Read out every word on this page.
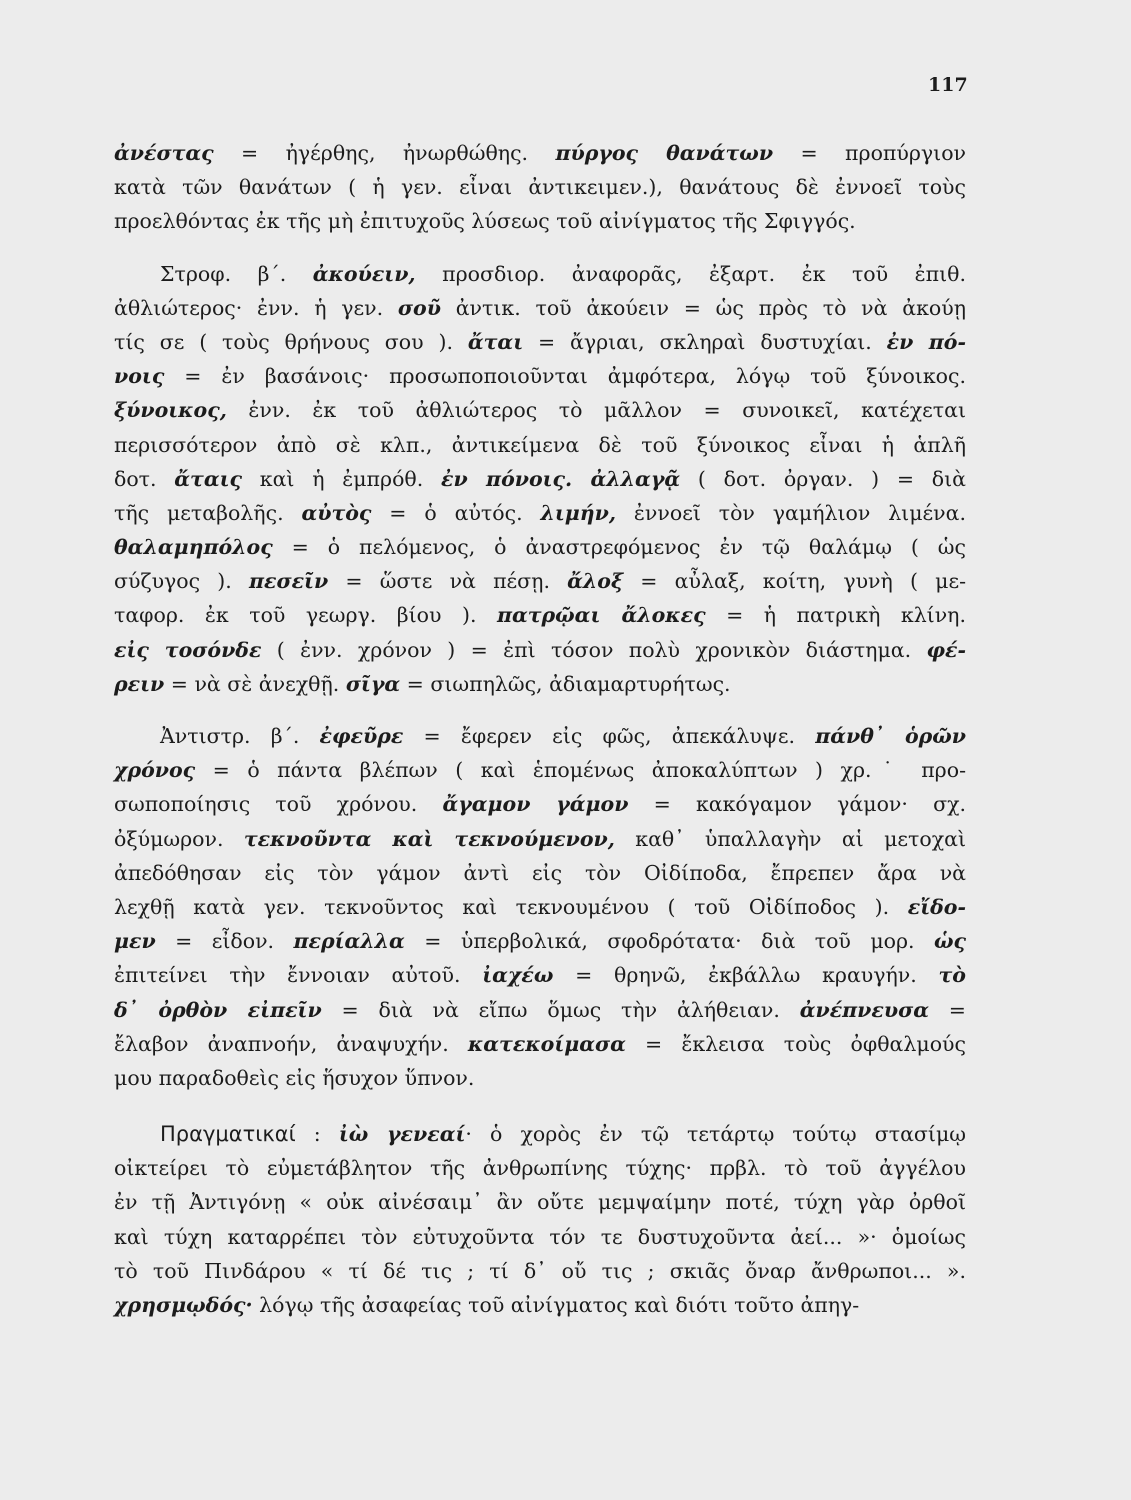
117
ἀνέστας = ἠγέρθης, ἠνωρθώθης. πύργος θανάτων = προπύργιον
κατὰ τῶν θανάτων ( ἡ γεν. εἶναι ἀντικειμεν.), θανάτους δὲ ἐννοεῖ τοὺς
προελθόντας ἐκ τῆς μὴ ἐπιτυχοῦς λύσεως τοῦ αἰνίγματος τῆς Σφιγγός.
Στροφ. β΄. ἀκούειν, προσδιορ. ἀναφορᾶς, ἐξαρτ. ἐκ τοῦ ἐπιθ.
ἀθλιώτερος· ἐνν. ἡ γεν. σοῦ ἀντικ. τοῦ ἀκούειν = ὡς πρὸς τὸ νὰ ἀκούῃ
τίς σε ( τοὺς θρήνους σου ). ἄται = ἄγριαι, σκληραὶ δυστυχίαι. ἐν πό-
νοις = ἐν βασάνοις· προσωποποιοῦνται ἀμφότερα, λόγῳ τοῦ ξύνοικος.
ξύνοικος, ἐνν. ἐκ τοῦ ἀθλιώτερος τὸ μᾶλλον = συνοικεῖ, κατέχεται
περισσότερον ἀπὸ σὲ κλπ., ἀντικείμενα δὲ τοῦ ξύνοικος εἶναι ἡ ἁπλῆ
δοτ. ἄταις καὶ ἡ ἐμπρόθ. ἐν πόνοις. ἀλλαγᾷ ( δοτ. ὀργαν. ) = διὰ
τῆς μεταβολῆς. αὐτὸς = ὁ αὐτός. λιμήν, ἐννοεῖ τὸν γαμήλιον λιμένα.
θαλαμηπόλος = ὁ πελόμενος, ὁ ἀναστρεφόμενος ἐν τῷ θαλάμῳ ( ὡς
σύζυγος ). πεσεῖν = ὥστε νὰ πέσῃ. ἄλοξ = αὖλαξ, κοίτη, γυνὴ ( με-
ταφορ. ἐκ τοῦ γεωργ. βίου ). πατρῷαι ἄλοκες = ἡ πατρικὴ κλίνη.
εἰς τοσόνδε ( ἐνν. χρόνον ) = ἐπὶ τόσον πολὺ χρονικὸν διάστημα. φέ-
ρειν = νὰ σὲ ἀνεχθῇ. σῖγα = σιωπηλῶς, ἀδιαμαρτυρήτως.
Ἀντιστρ. β΄. ἐφεῦρε = ἔφερεν εἰς φῶς, ἀπεκάλυψε. πάνθ᾽ ὁρῶν
χρόνος = ὁ πάντα βλέπων ( καὶ ἑπομένως ἀποκαλύπτων ) χρ.˙ προ-
σωποποίησις τοῦ χρόνου. ἄγαμον γάμον = κακόγαμον γάμον· σχ.
ὀξύμωρον. τεκνοῦντα καὶ τεκνούμενον, καθ᾽ ὑπαλλαγὴν αἱ μετοχαὶ
ἀπεδόθησαν εἰς τὸν γάμον ἀντὶ εἰς τὸν Οἰδίποδα, ἔπρεπεν ἄρα νὰ
λεχθῇ κατὰ γεν. τεκνοῦντος καὶ τεκνουμένου ( τοῦ Οἰδίποδος ). εἴδο-
μεν = εἶδον. περίαλλα = ὑπερβολικά, σφοδρότατα· διὰ τοῦ μορ. ὡς
ἐπιτείνει τὴν ἔννοιαν αὐτοῦ. ἰαχέω = θρηνῶ, ἐκβάλλω κραυγήν. τὸ
δ᾽ ὀρθὸν εἰπεῖν = διὰ νὰ εἴπω ὅμως τὴν ἀλήθειαν. ἀνέπνευσα =
ἔλαβον ἀναπνοήν, ἀναψυχήν. κατεκοίμασα = ἔκλεισα τοὺς ὀφθαλμούς
μου παραδοθεὶς εἰς ἥσυχον ὕπνον.
Πραγματικαί : ἰὼ γενεαί· ὁ χορὸς ἐν τῷ τετάρτῳ τούτῳ στασίμῳ
οἰκτείρει τὸ εὐμετάβλητον τῆς ἀνθρωπίνης τύχης· πρβλ. τὸ τοῦ ἀγγέλου
ἐν τῇ Ἀντιγόνῃ « οὐκ αἰνέσαιμ᾽ ἂν οὔτε μεμψαίμην ποτέ, τύχη γὰρ ὀρθοῖ
καὶ τύχη καταρρέπει τὸν εὐτυχοῦντα τόν τε δυστυχοῦντα ἀεί... »· ὁμοίως
τὸ τοῦ Πινδάρου « τί δέ τις ; τί δ᾽ οὔ τις ; σκιᾶς ὄναρ ἄνθρωποι... ».
χρησμῳδός· λόγῳ τῆς ἀσαφείας τοῦ αἰνίγματος καὶ διότι τοῦτο ἀπηγ-
